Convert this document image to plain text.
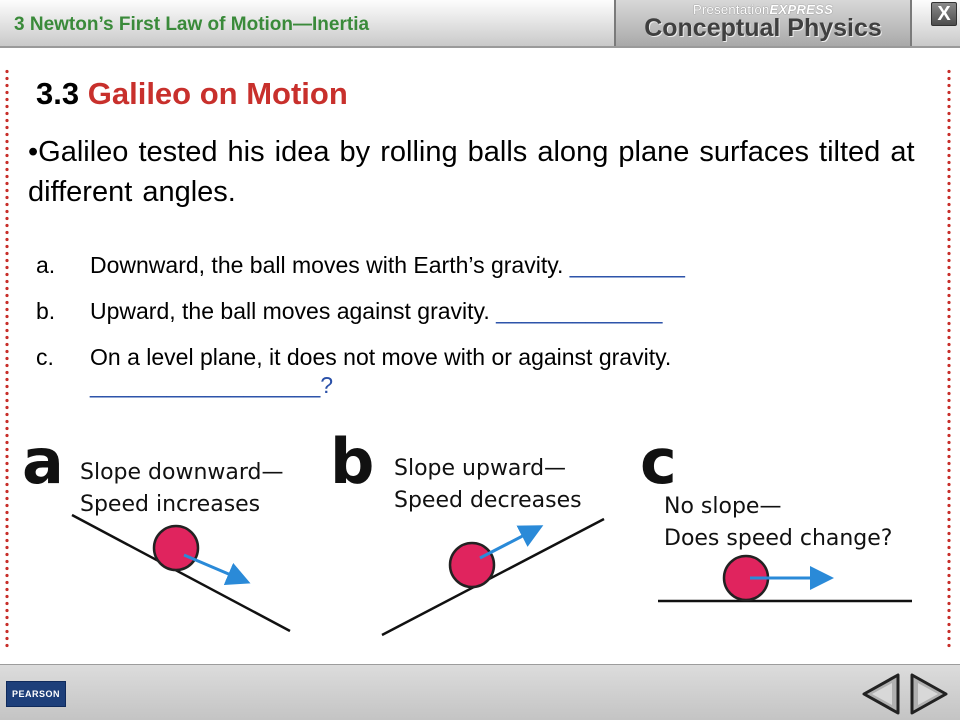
3 Newton’s First Law of Motion—Inertia
PresentationEXPRESS
Conceptual Physics	X
3.3 Galileo on Motion
•Galileo tested his idea by rolling balls along plane surfaces tilted at different angles.
a. Downward, the ball moves with Earth’s gravity. _________
b. Upward, the ball moves against gravity. _____________
c. On a level plane, it does not move with or against gravity.
__________________?
a Slope downward—
Speed increases
b Slope upward—
Speed decreases
c
No slope—
Does speed change?
PEARSON
